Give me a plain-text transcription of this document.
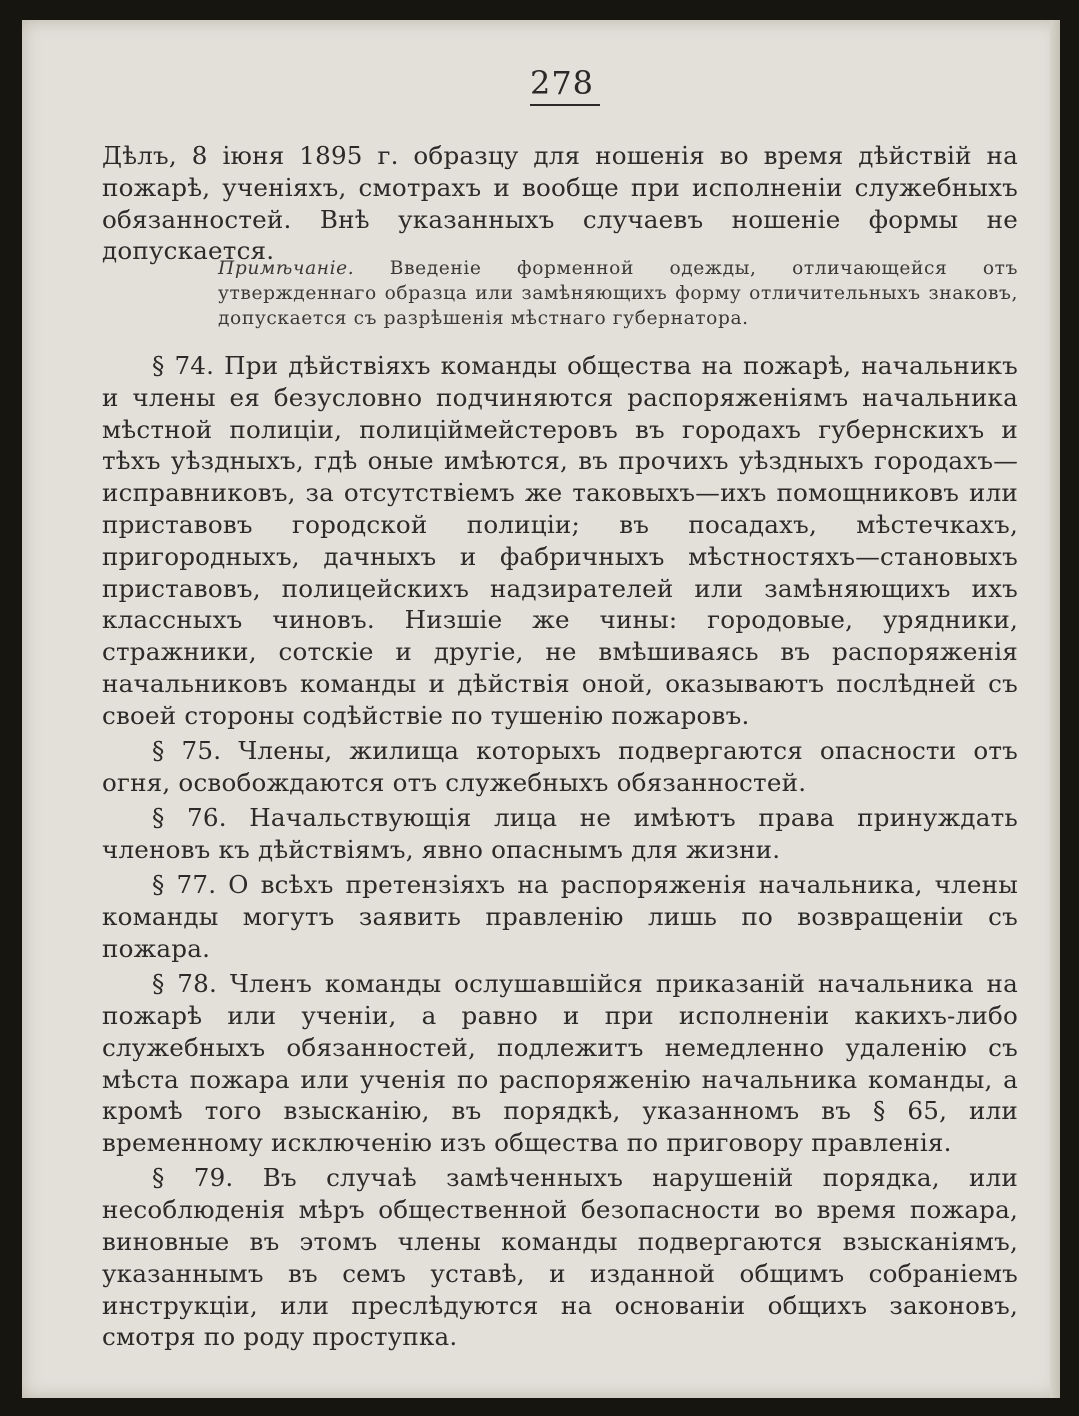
278

Дѣлъ, 8 іюня 1895 г. образцу для ношенія во время дѣйствій на пожарѣ, ученіяхъ, смотрахъ и вообще при исполненіи служебныхъ обязанностей. Внѣ указанныхъ случаевъ ношеніе формы не допускается.

Примѣчаніе. Введеніе форменной одежды, отличающейся отъ утвержденнаго образца или замѣняющихъ форму отличительныхъ знаковъ, допускается съ разрѣшенія мѣстнаго губернатора.

§ 74. При дѣйствіяхъ команды общества на пожарѣ, начальникъ и члены ея безусловно подчиняются распоряженіямъ начальника мѣстной полиціи, полиціймейстеровъ въ городахъ губернскихъ и тѣхъ уѣздныхъ, гдѣ оные имѣются, въ прочихъ уѣздныхъ городахъ—исправниковъ, за отсутствіемъ же таковыхъ—ихъ помощниковъ или приставовъ городской полиціи; въ посадахъ, мѣстечкахъ, пригородныхъ, дачныхъ и фабричныхъ мѣстностяхъ—становыхъ приставовъ, полицейскихъ надзирателей или замѣняющихъ ихъ классныхъ чиновъ. Низшіе же чины: городовые, урядники, стражники, сотскіе и другіе, не вмѣшиваясь въ распоряженія начальниковъ команды и дѣйствія оной, оказываютъ послѣдней съ своей стороны содѣйствіе по тушенію пожаровъ.

§ 75. Члены, жилища которыхъ подвергаются опасности отъ огня, освобождаются отъ служебныхъ обязанностей.

§ 76. Начальствующія лица не имѣютъ права принуждать членовъ къ дѣйствіямъ, явно опаснымъ для жизни.

§ 77. О всѣхъ претензіяхъ на распоряженія начальника, члены команды могутъ заявить правленію лишь по возвращеніи съ пожара.

§ 78. Членъ команды ослушавшійся приказаній начальника на пожарѣ или ученіи, а равно и при исполненіи какихъ-либо служебныхъ обязанностей, подлежитъ немедленно удаленію съ мѣста пожара или ученія по распоряженію начальника команды, а кромѣ того взысканію, въ порядкѣ, указанномъ въ § 65, или временному исключенію изъ общества по приговору правленія.

§ 79. Въ случаѣ замѣченныхъ нарушеній порядка, или несоблюденія мѣръ общественной безопасности во время пожара, виновные въ этомъ члены команды подвергаются взысканіямъ, указаннымъ въ семъ уставѣ, и изданной общимъ собраніемъ инструкціи, или преслѣдуются на основаніи общихъ законовъ, смотря по роду проступка.
